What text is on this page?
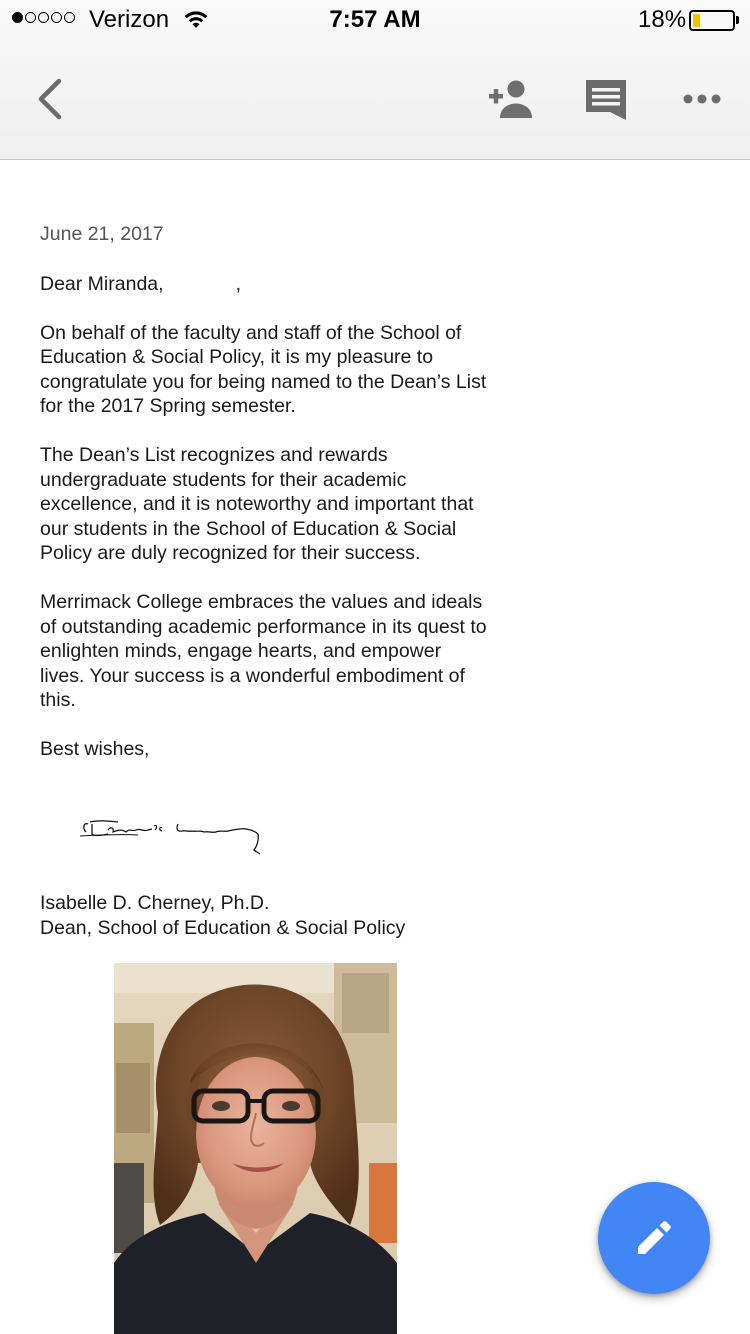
Verizon	7:57 AM	18%

June 21, 2017

Dear Miranda,	,

On behalf of the faculty and staff of the School of Education & Social Policy, it is my pleasure to congratulate you for being named to the Dean’s List for the 2017 Spring semester.

The Dean’s List recognizes and rewards undergraduate students for their academic excellence, and it is noteworthy and important that our students in the School of Education & Social Policy are duly recognized for their success.

Merrimack College embraces the values and ideals of outstanding academic performance in its quest to enlighten minds, engage hearts, and empower lives. Your success is a wonderful embodiment of this.

Best wishes,

Isabelle D. Cherney, Ph.D.
Dean, School of Education & Social Policy
